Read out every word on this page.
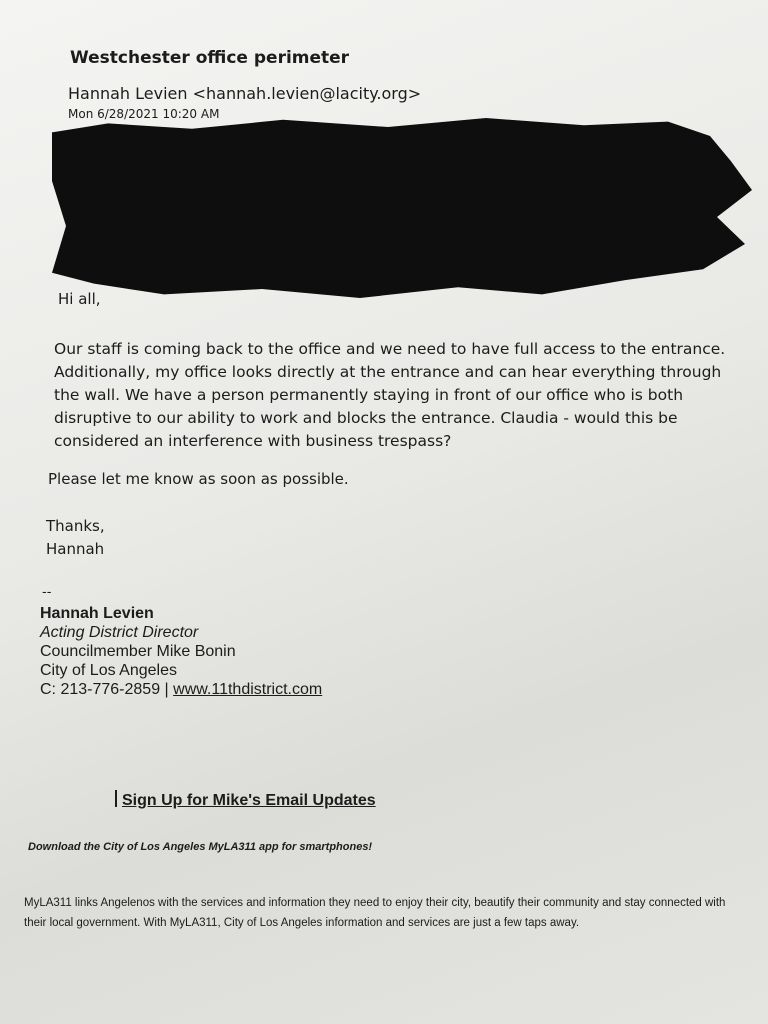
Westchester office perimeter

Hannah Levien <hannah.levien@lacity.org>

Mon 6/28/2021 10:20 AM

Hi all,

Our staff is coming back to the office and we need to have full access to the entrance. Additionally, my office looks directly at the entrance and can hear everything through the wall. We have a person permanently staying in front of our office who is both disruptive to our ability to work and blocks the entrance. Claudia - would this be considered an interference with business trespass?

Please let me know as soon as possible.

Thanks,
Hannah

--

Hannah Levien
Acting District Director
Councilmember Mike Bonin
City of Los Angeles
C: 213-776-2859 | www.11thdistrict.com

Sign Up for Mike's Email Updates

Download the City of Los Angeles MyLA311 app for smartphones!

MyLA311 links Angelenos with the services and information they need to enjoy their city, beautify their community and stay connected with their local government. With MyLA311, City of Los Angeles information and services are just a few taps away.
